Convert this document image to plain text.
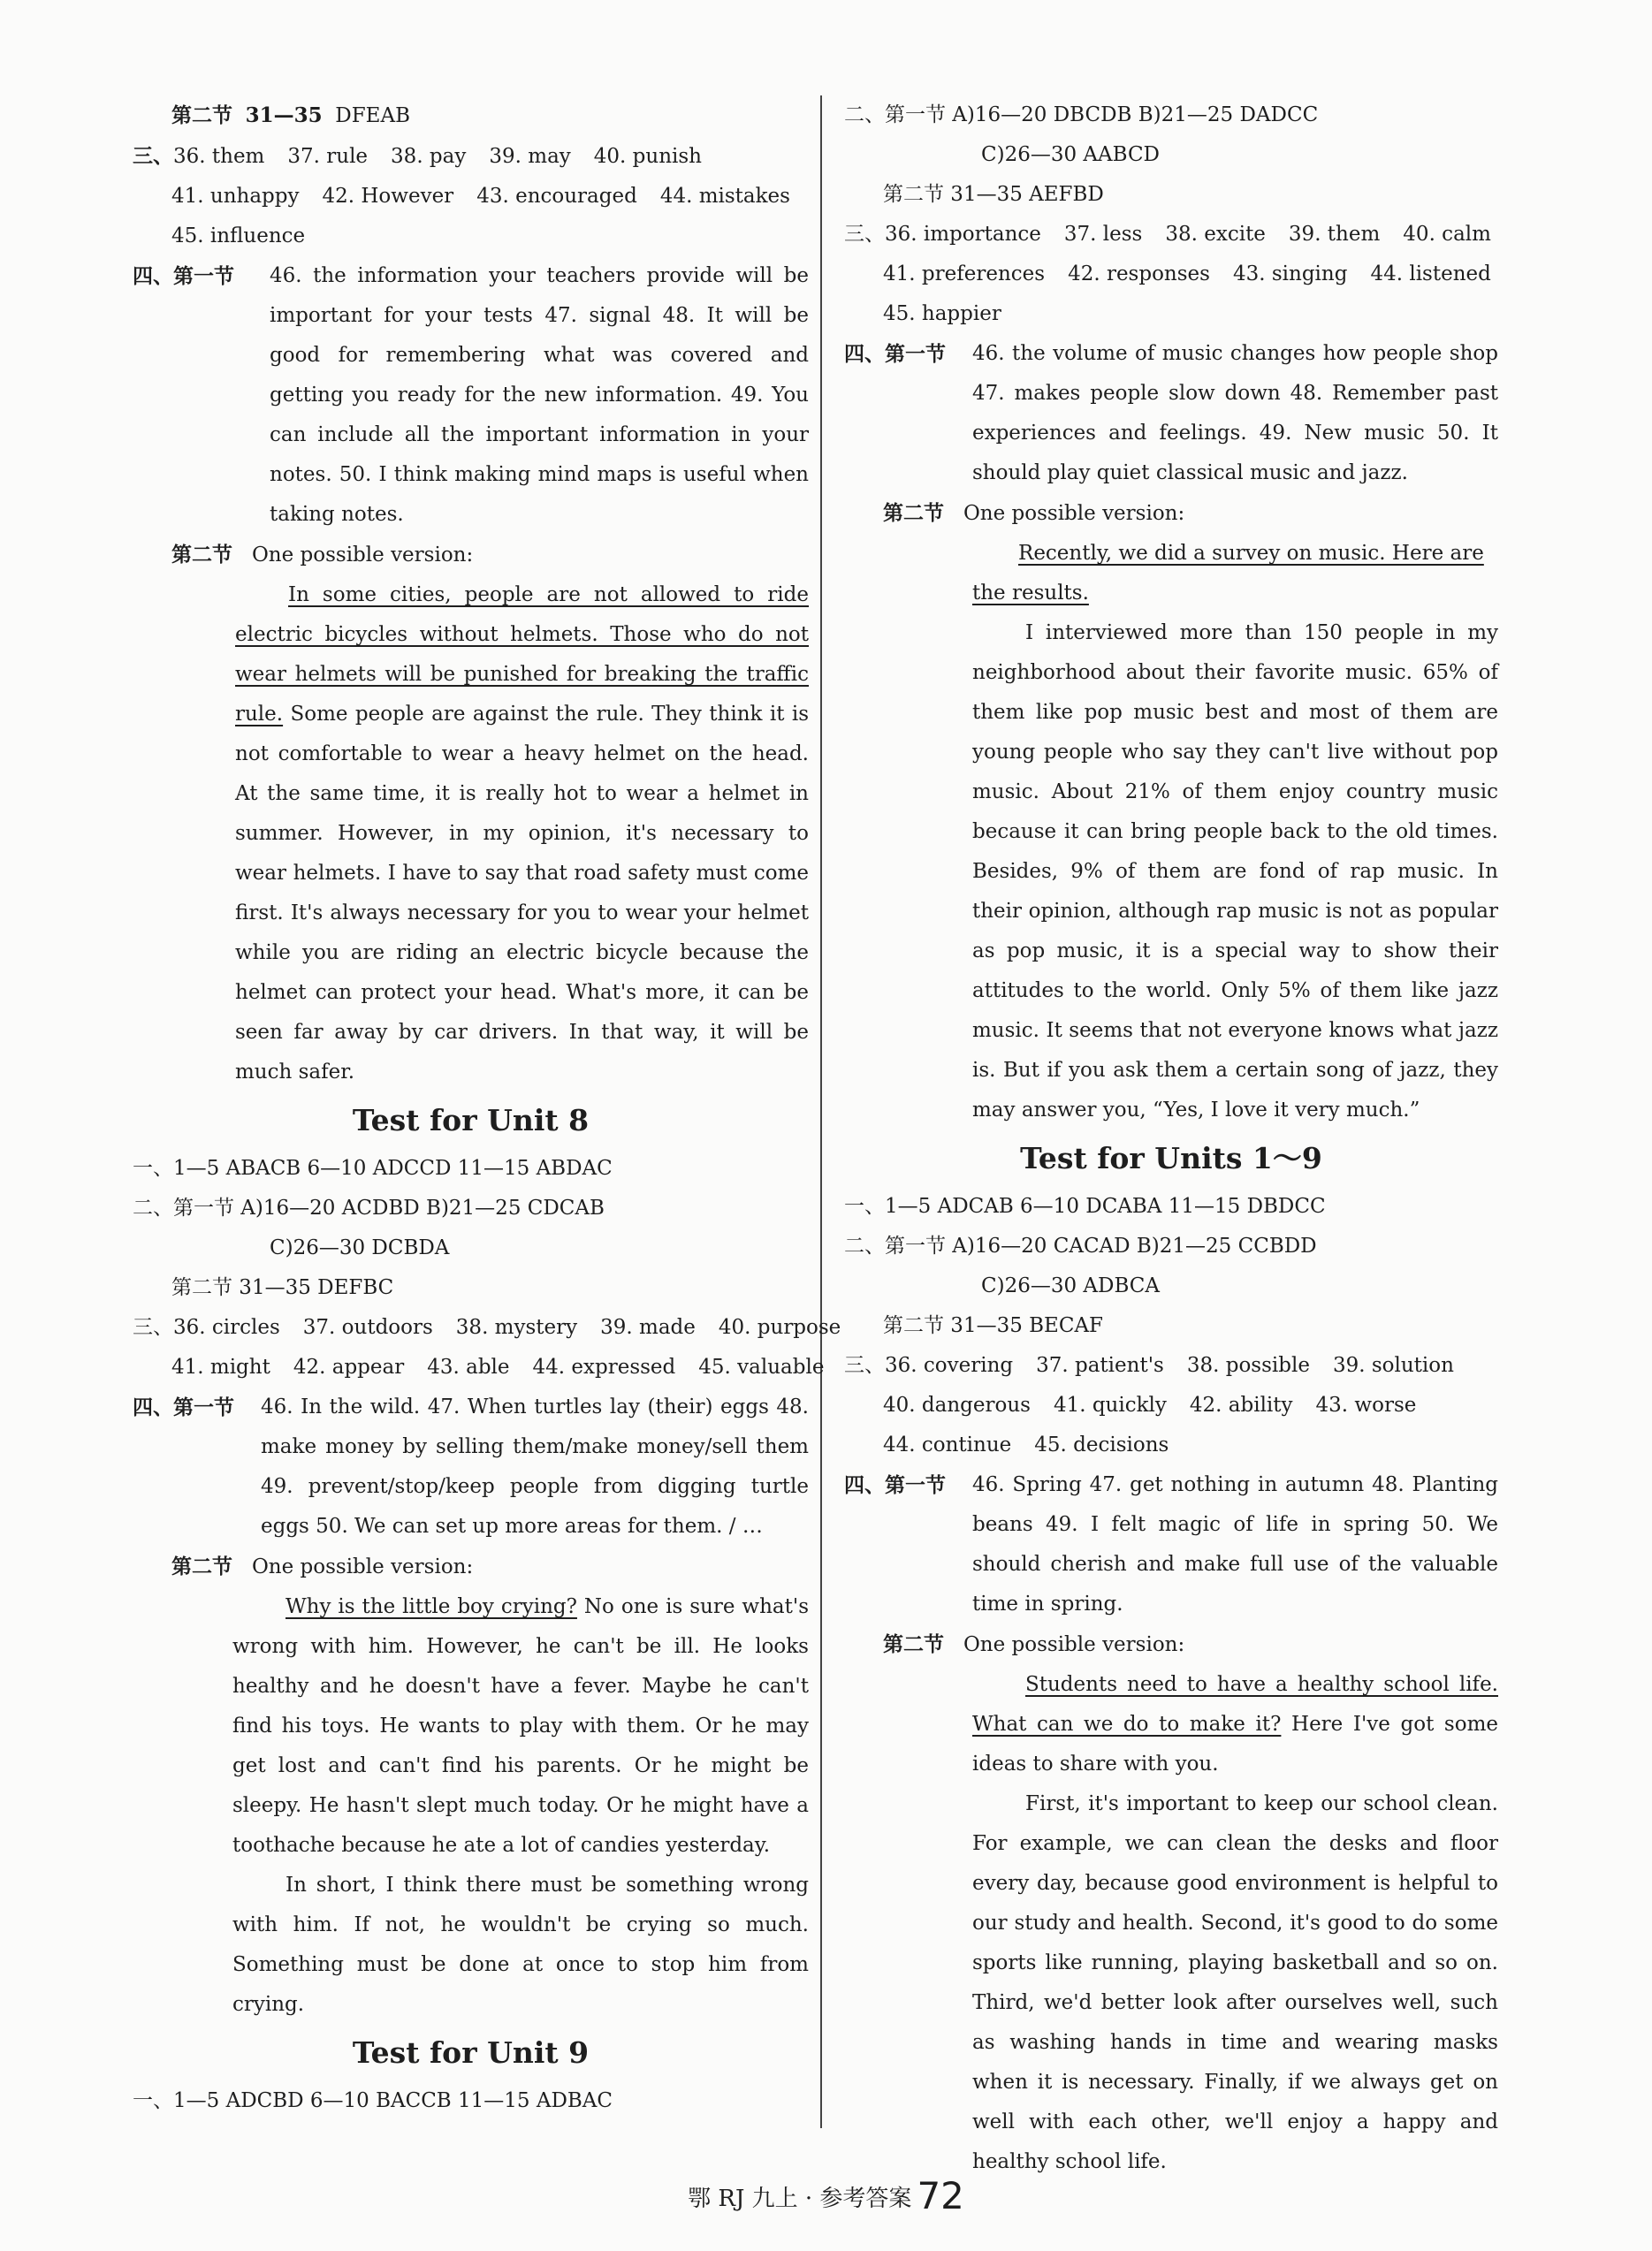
第二节 31—35 DFEAB
三、36. them 37. rule 38. pay 39. may 40. punish
41. unhappy 42. However 43. encouraged 44. mistakes
45. influence
四、第一节	46. the information your teachers provide will be important for your tests 47. signal 48. It will be good for remembering what was covered and getting you ready for the new information. 49. You can include all the important information in your notes. 50. I think making mind maps is useful when taking notes.
第二节 One possible version:
In some cities, people are not allowed to ride electric bicycles without helmets. Those who do not wear helmets will be punished for breaking the traffic rule. Some people are against the rule. They think it is not comfortable to wear a heavy helmet on the head. At the same time, it is really hot to wear a helmet in summer. However, in my opinion, it's necessary to wear helmets. I have to say that road safety must come first. It's always necessary for you to wear your helmet while you are riding an electric bicycle because the helmet can protect your head. What's more, it can be seen far away by car drivers. In that way, it will be much safer.
Test for Unit 8
一、1—5 ABACB 6—10 ADCCD 11—15 ABDAC
二、第一节 A)16—20 ACDBD B)21—25 CDCAB
C)26—30 DCBDA
第二节 31—35 DEFBC
三、36. circles 37. outdoors 38. mystery 39. made 40. purpose
41. might 42. appear 43. able 44. expressed 45. valuable
四、第一节	46. In the wild. 47. When turtles lay (their) eggs 48. make money by selling them/make money/sell them 49. prevent/stop/keep people from digging turtle eggs 50. We can set up more areas for them. / …
第二节 One possible version:
Why is the little boy crying? No one is sure what's wrong with him. However, he can't be ill. He looks healthy and he doesn't have a fever. Maybe he can't find his toys. He wants to play with them. Or he may get lost and can't find his parents. Or he might be sleepy. He hasn't slept much today. Or he might have a toothache because he ate a lot of candies yesterday.
In short, I think there must be something wrong with him. If not, he wouldn't be crying so much. Something must be done at once to stop him from crying.
Test for Unit 9
一、1—5 ADCBD 6—10 BACCB 11—15 ADBAC
二、第一节 A)16—20 DBCDB B)21—25 DADCC
C)26—30 AABCD
第二节 31—35 AEFBD
三、36. importance 37. less 38. excite 39. them 40. calm
41. preferences 42. responses 43. singing 44. listened
45. happier
四、第一节	46. the volume of music changes how people shop 47. makes people slow down 48. Remember past experiences and feelings. 49. New music 50. It should play quiet classical music and jazz.
第二节 One possible version:
Recently, we did a survey on music. Here are the results.
I interviewed more than 150 people in my neighborhood about their favorite music. 65% of them like pop music best and most of them are young people who say they can't live without pop music. About 21% of them enjoy country music because it can bring people back to the old times. Besides, 9% of them are fond of rap music. In their opinion, although rap music is not as popular as pop music, it is a special way to show their attitudes to the world. Only 5% of them like jazz music. It seems that not everyone knows what jazz is. But if you ask them a certain song of jazz, they may answer you, “Yes, I love it very much.”
Test for Units 1～9
一、1—5 ADCAB 6—10 DCABA 11—15 DBDCC
二、第一节 A)16—20 CACAD B)21—25 CCBDD
C)26—30 ADBCA
第二节 31—35 BECAF
三、36. covering 37. patient's 38. possible 39. solution
40. dangerous 41. quickly 42. ability 43. worse
44. continue 45. decisions
四、第一节	46. Spring 47. get nothing in autumn 48. Planting beans 49. I felt magic of life in spring 50. We should cherish and make full use of the valuable time in spring.
第二节 One possible version:
Students need to have a healthy school life. What can we do to make it? Here I've got some ideas to share with you.
First, it's important to keep our school clean. For example, we can clean the desks and floor every day, because good environment is helpful to our study and health. Second, it's good to do some sports like running, playing basketball and so on. Third, we'd better look after ourselves well, such as washing hands in time and wearing masks when it is necessary. Finally, if we always get on well with each other, we'll enjoy a happy and healthy school life.
鄂 RJ 九上 · 参考答案 72
